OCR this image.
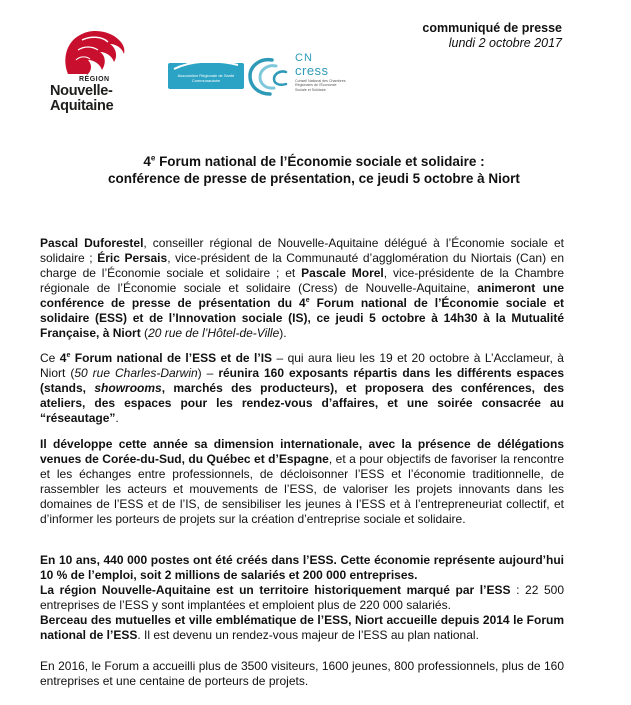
communiqué de presse
lundi 2 octobre 2017
RÉGION
Nouvelle-
Aquitaine
Association Régionale de Santé Communautaire
CN
cress
Conseil National des Chambres Régionales de l'Économie Sociale et Solidaire
4e Forum national de l’Économie sociale et solidaire :
conférence de presse de présentation, ce jeudi 5 octobre à Niort
Pascal Duforestel, conseiller régional de Nouvelle-Aquitaine délégué à l’Économie sociale et solidaire ; Éric Persais, vice-président de la Communauté d’agglomération du Niortais (Can) en charge de l’Économie sociale et solidaire ; et Pascale Morel, vice-présidente de la Chambre régionale de l’Économie sociale et solidaire (Cress) de Nouvelle-Aquitaine, animeront une conférence de presse de présentation du 4e Forum national de l’Économie sociale et solidaire (ESS) et de l’Innovation sociale (IS), ce jeudi 5 octobre à 14h30 à la Mutualité Française, à Niort (20 rue de l’Hôtel-de-Ville).
Ce 4e Forum national de l’ESS et de l’IS – qui aura lieu les 19 et 20 octobre à L’Acclameur, à Niort (50 rue Charles-Darwin) – réunira 160 exposants répartis dans les différents espaces (stands, showrooms, marchés des producteurs), et proposera des conférences, des ateliers, des espaces pour les rendez-vous d’affaires, et une soirée consacrée au “réseautage”.
Il développe cette année sa dimension internationale, avec la présence de délégations venues de Corée-du-Sud, du Québec et d’Espagne, et a pour objectifs de favoriser la rencontre et les échanges entre professionnels, de décloisonner l’ESS et l’économie traditionnelle, de rassembler les acteurs et mouvements de l’ESS, de valoriser les projets innovants dans les domaines de l’ESS et de l’IS, de sensibiliser les jeunes à l’ESS et à l’entrepreneuriat collectif, et d’informer les porteurs de projets sur la création d’entreprise sociale et solidaire.
En 10 ans, 440 000 postes ont été créés dans l’ESS. Cette économie représente aujourd’hui 10 % de l’emploi, soit 2 millions de salariés et 200 000 entreprises.
La région Nouvelle-Aquitaine est un territoire historiquement marqué par l’ESS : 22 500 entreprises de l’ESS y sont implantées et emploient plus de 220 000 salariés.
Berceau des mutuelles et ville emblématique de l’ESS, Niort accueille depuis 2014 le Forum national de l’ESS. Il est devenu un rendez-vous majeur de l’ESS au plan national.
En 2016, le Forum a accueilli plus de 3500 visiteurs, 1600 jeunes, 800 professionnels, plus de 160 entreprises et une centaine de porteurs de projets.
